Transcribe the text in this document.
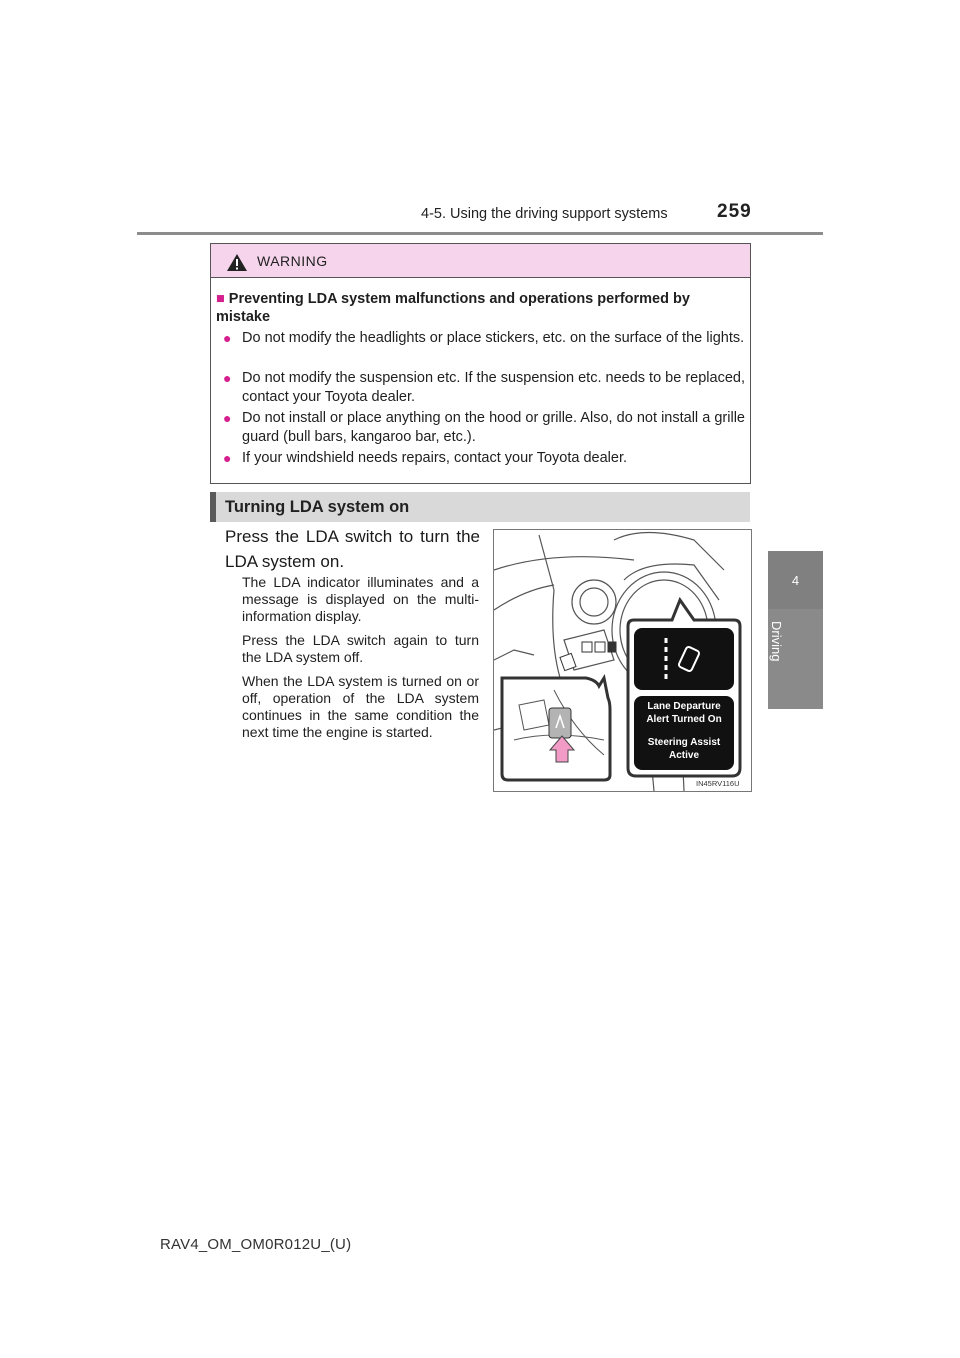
4-5. Using the driving support systems	259
4
Driving
WARNING
■ Preventing LDA system malfunctions and operations performed by mistake
● Do not modify the headlights or place stickers, etc. on the surface of the lights.
● Do not modify the suspension etc. If the suspension etc. needs to be replaced, contact your Toyota dealer.
● Do not install or place anything on the hood or grille. Also, do not install a grille guard (bull bars, kangaroo bar, etc.).
● If your windshield needs repairs, contact your Toyota dealer.
Turning LDA system on
Press the LDA switch to turn the LDA system on.
The LDA indicator illuminates and a message is displayed on the multi-information display.
Press the LDA switch again to turn the LDA system off.
When the LDA system is turned on or off, operation of the LDA system continues in the same condition the next time the engine is started.
Lane Departure
Alert Turned On
Steering Assist
Active
IN45RV116U
RAV4_OM_OM0R012U_(U)
